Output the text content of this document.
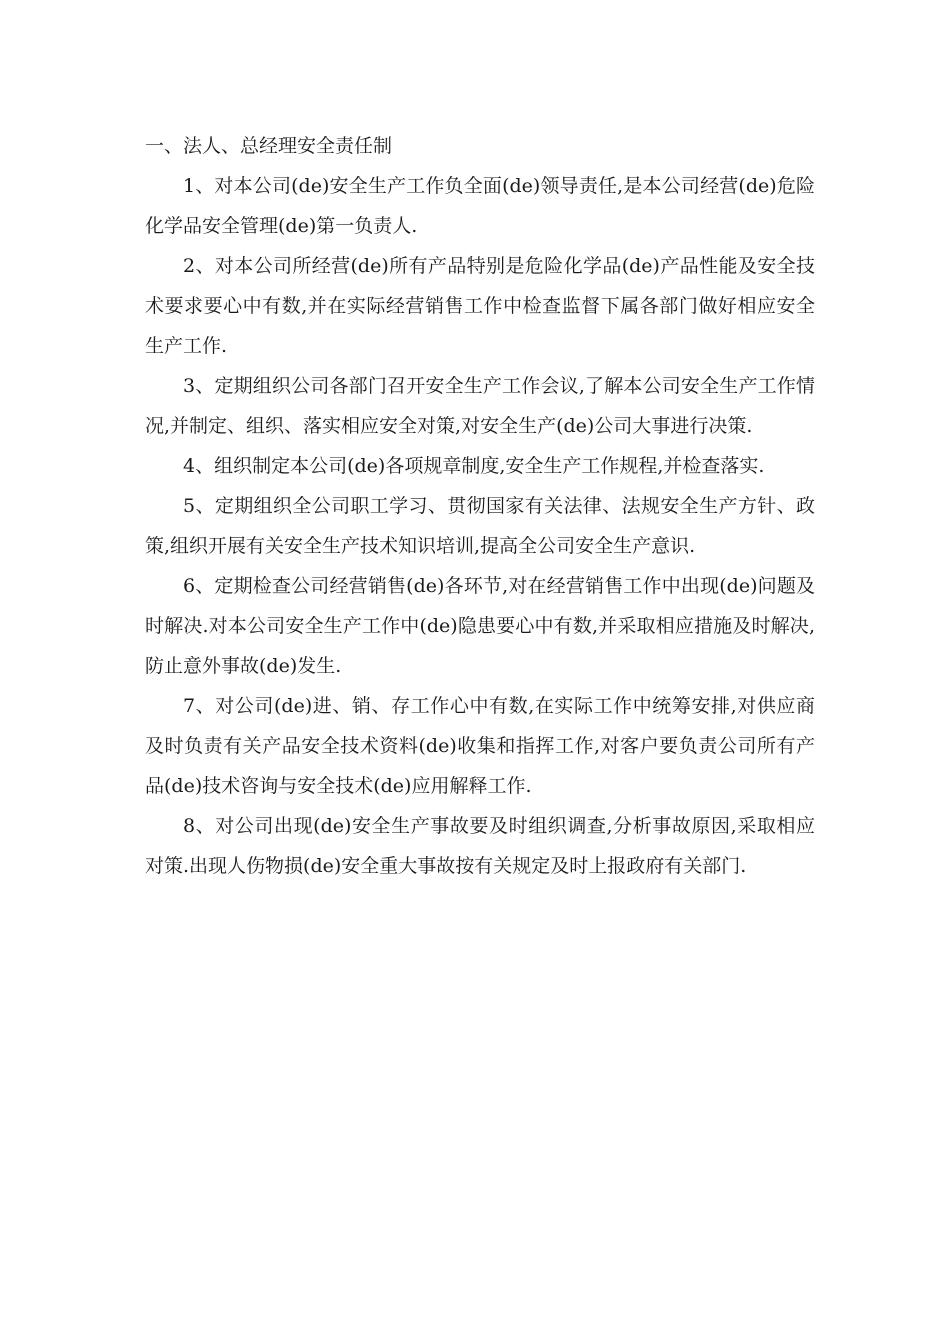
一、法人、总经理安全责任制

1、对本公司(de)安全生产工作负全面(de)领导责任,是本公司经营(de)危险化学品安全管理(de)第一负责人.

2、对本公司所经营(de)所有产品特别是危险化学品(de)产品性能及安全技术要求要心中有数,并在实际经营销售工作中检查监督下属各部门做好相应安全生产工作.

3、定期组织公司各部门召开安全生产工作会议,了解本公司安全生产工作情况,并制定、组织、落实相应安全对策,对安全生产(de)公司大事进行决策.

4、组织制定本公司(de)各项规章制度,安全生产工作规程,并检查落实.

5、定期组织全公司职工学习、贯彻国家有关法律、法规安全生产方针、政策,组织开展有关安全生产技术知识培训,提高全公司安全生产意识.

6、定期检查公司经营销售(de)各环节,对在经营销售工作中出现(de)问题及时解决.对本公司安全生产工作中(de)隐患要心中有数,并采取相应措施及时解决,防止意外事故(de)发生.

7、对公司(de)进、销、存工作心中有数,在实际工作中统筹安排,对供应商及时负责有关产品安全技术资料(de)收集和指挥工作,对客户要负责公司所有产品(de)技术咨询与安全技术(de)应用解释工作.

8、对公司出现(de)安全生产事故要及时组织调查,分析事故原因,采取相应对策.出现人伤物损(de)安全重大事故按有关规定及时上报政府有关部门.
